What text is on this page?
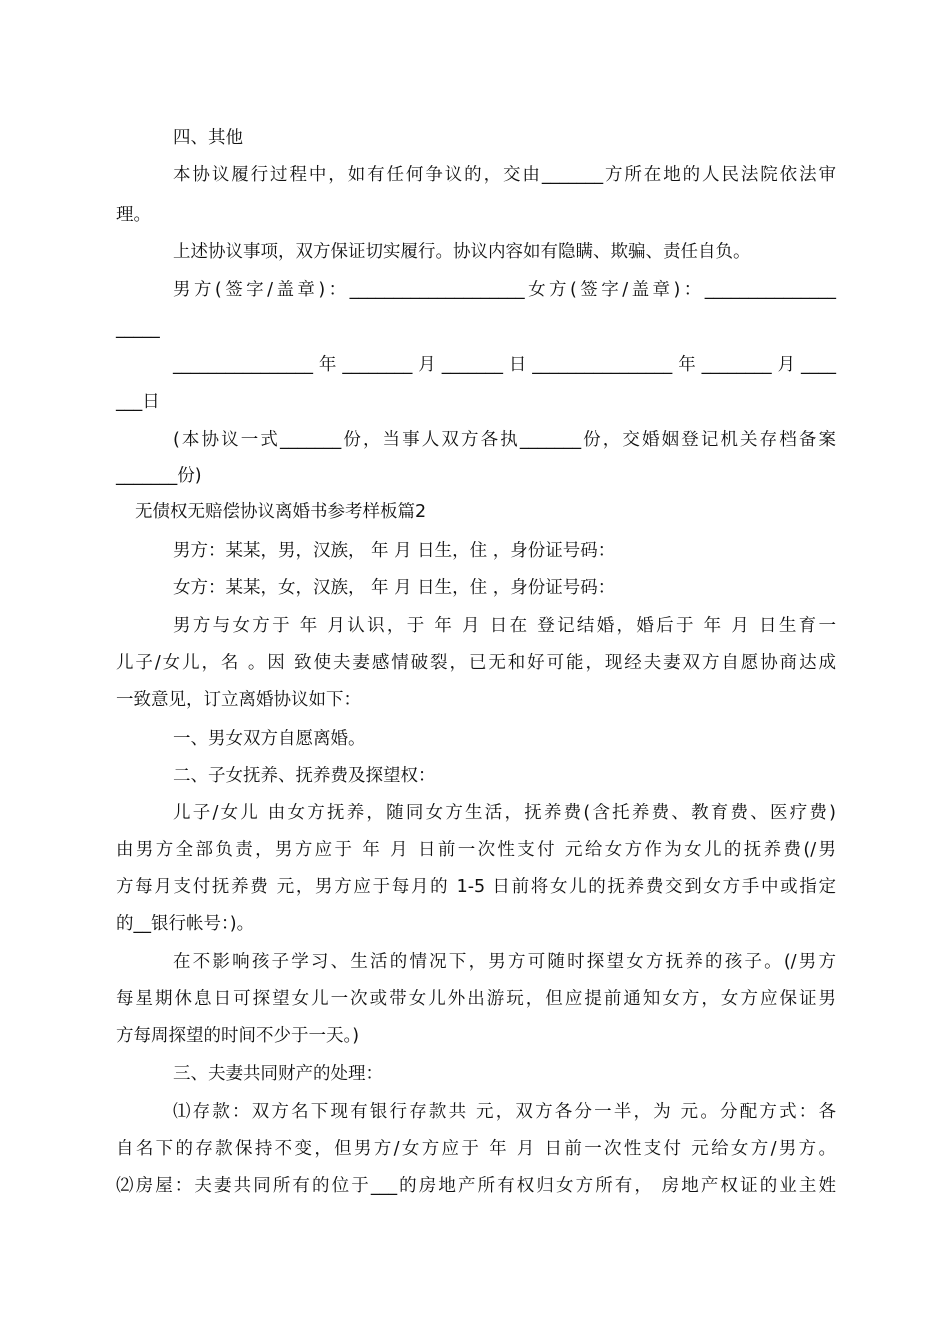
四、其他
本协议履行过程中，如有任何争议的，交由_______方所在地的人民法院依法审
理。
上述协议事项，双方保证切实履行。协议内容如有隐瞒、欺骗、责任自负。
男方(签字/盖章)：____________________女方(签字/盖章)：_______________
_____
________________年________月_______日________________年________月____
___日
(本协议一式_______份，当事人双方各执_______份，交婚姻登记机关存档备案
_______份)
无债权无赔偿协议离婚书参考样板篇2
男方：某某，男，汉族， 年 月 日生，住 ，身份证号码：
女方：某某，女，汉族， 年 月 日生，住 ，身份证号码：
男方与女方于 年 月认识，于 年 月 日在 登记结婚，婚后于 年 月 日生育一
儿子/女儿，名 。因 致使夫妻感情破裂，已无和好可能，现经夫妻双方自愿协商达成
一致意见，订立离婚协议如下：
一、男女双方自愿离婚。
二、子女抚养、抚养费及探望权：
儿子/女儿 由女方抚养，随同女方生活，抚养费(含托养费、教育费、医疗费)
由男方全部负责，男方应于 年 月 日前一次性支付 元给女方作为女儿的抚养费(/男
方每月支付抚养费 元，男方应于每月的 1-5 日前将女儿的抚养费交到女方手中或指定
的__银行帐号：)。
在不影响孩子学习、生活的情况下，男方可随时探望女方抚养的孩子。(/男方
每星期休息日可探望女儿一次或带女儿外出游玩，但应提前通知女方，女方应保证男
方每周探望的时间不少于一天。)
三、夫妻共同财产的处理：
⑴存款：双方名下现有银行存款共 元，双方各分一半，为 元。分配方式：各
自名下的存款保持不变，但男方/女方应于 年 月 日前一次性支付 元给女方/男方。
⑵房屋：夫妻共同所有的位于___的房地产所有权归女方所有， 房地产权证的业主姓
